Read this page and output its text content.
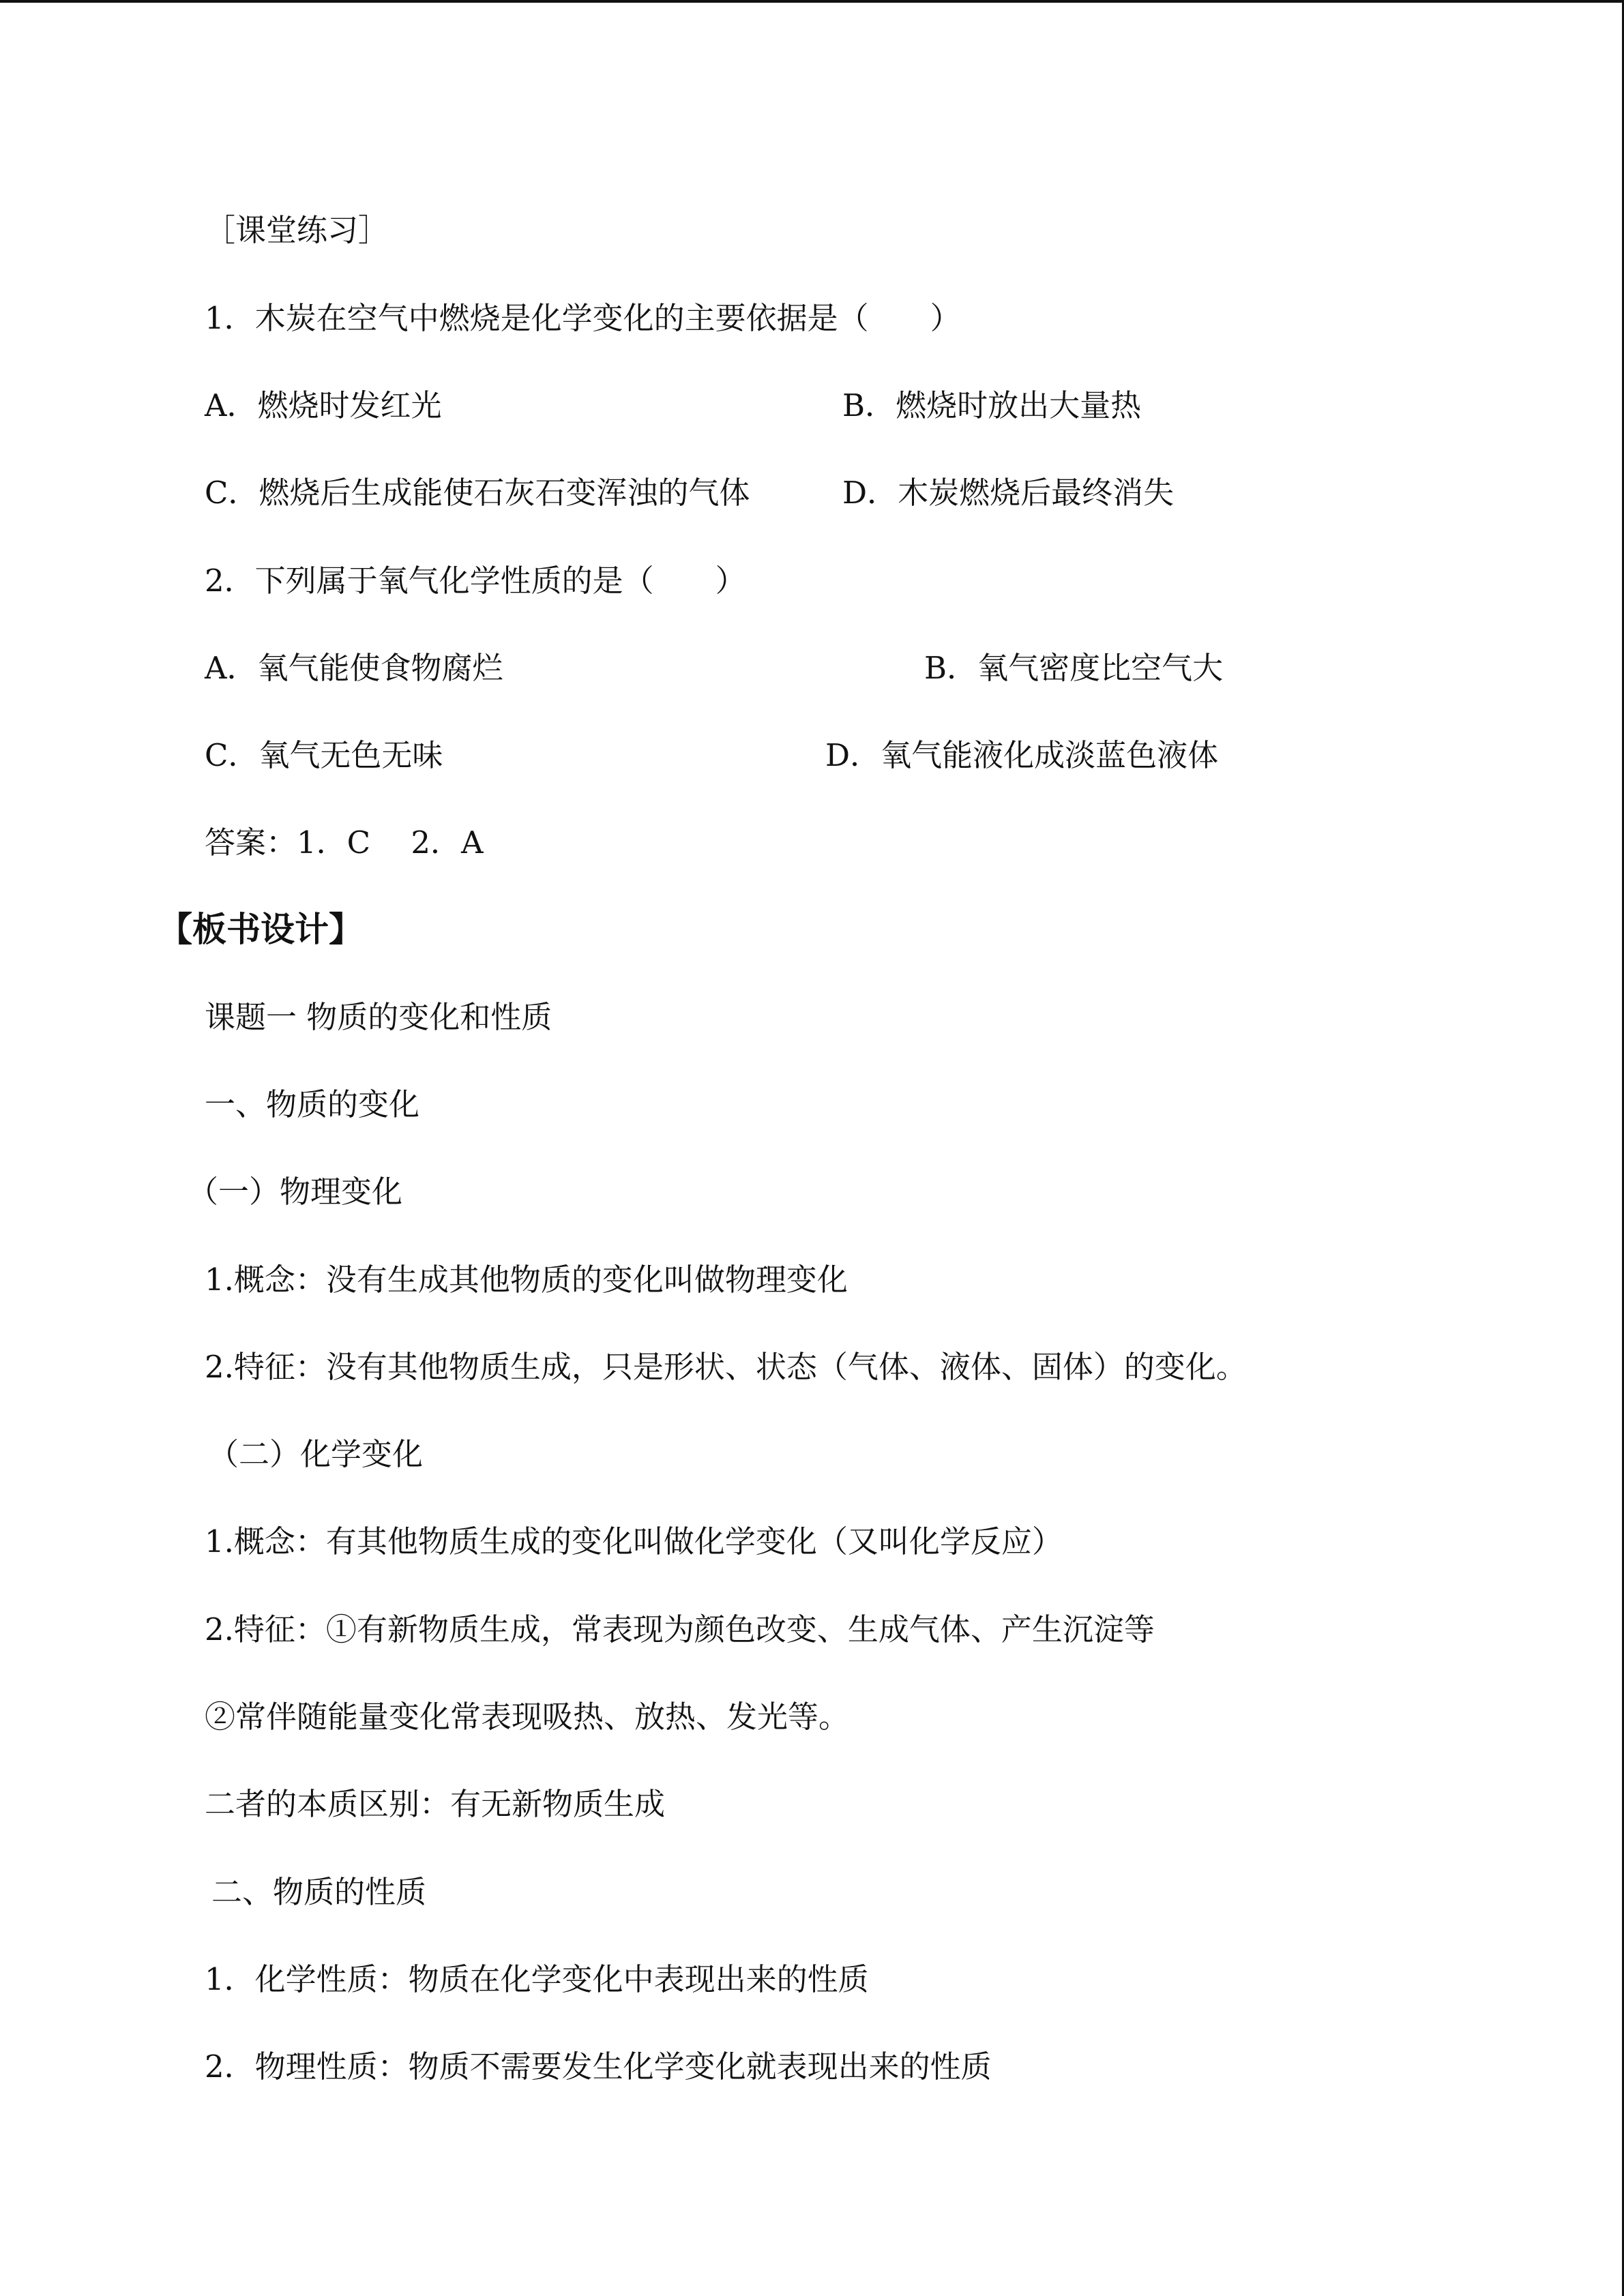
［课堂练习］
1．木炭在空气中燃烧是化学变化的主要依据是（　　）
A．燃烧时发红光	B．燃烧时放出大量热
C．燃烧后生成能使石灰石变浑浊的气体	D．木炭燃烧后最终消失
2．下列属于氧气化学性质的是（　　）
A．氧气能使食物腐烂	B．氧气密度比空气大
C．氧气无色无味	D．氧气能液化成淡蓝色液体
答案：1．C　 2．A
【板书设计】
课题一 物质的变化和性质
一、物质的变化
（一）物理变化
1.概念：没有生成其他物质的变化叫做物理变化
2.特征：没有其他物质生成，只是形状、状态（气体、液体、固体）的变化。
（二）化学变化
1.概念：有其他物质生成的变化叫做化学变化（又叫化学反应）
2.特征：①有新物质生成，常表现为颜色改变、生成气体、产生沉淀等
②常伴随能量变化常表现吸热、放热、发光等。
二者的本质区别：有无新物质生成
二、物质的性质
1．化学性质：物质在化学变化中表现出来的性质
2．物理性质：物质不需要发生化学变化就表现出来的性质
